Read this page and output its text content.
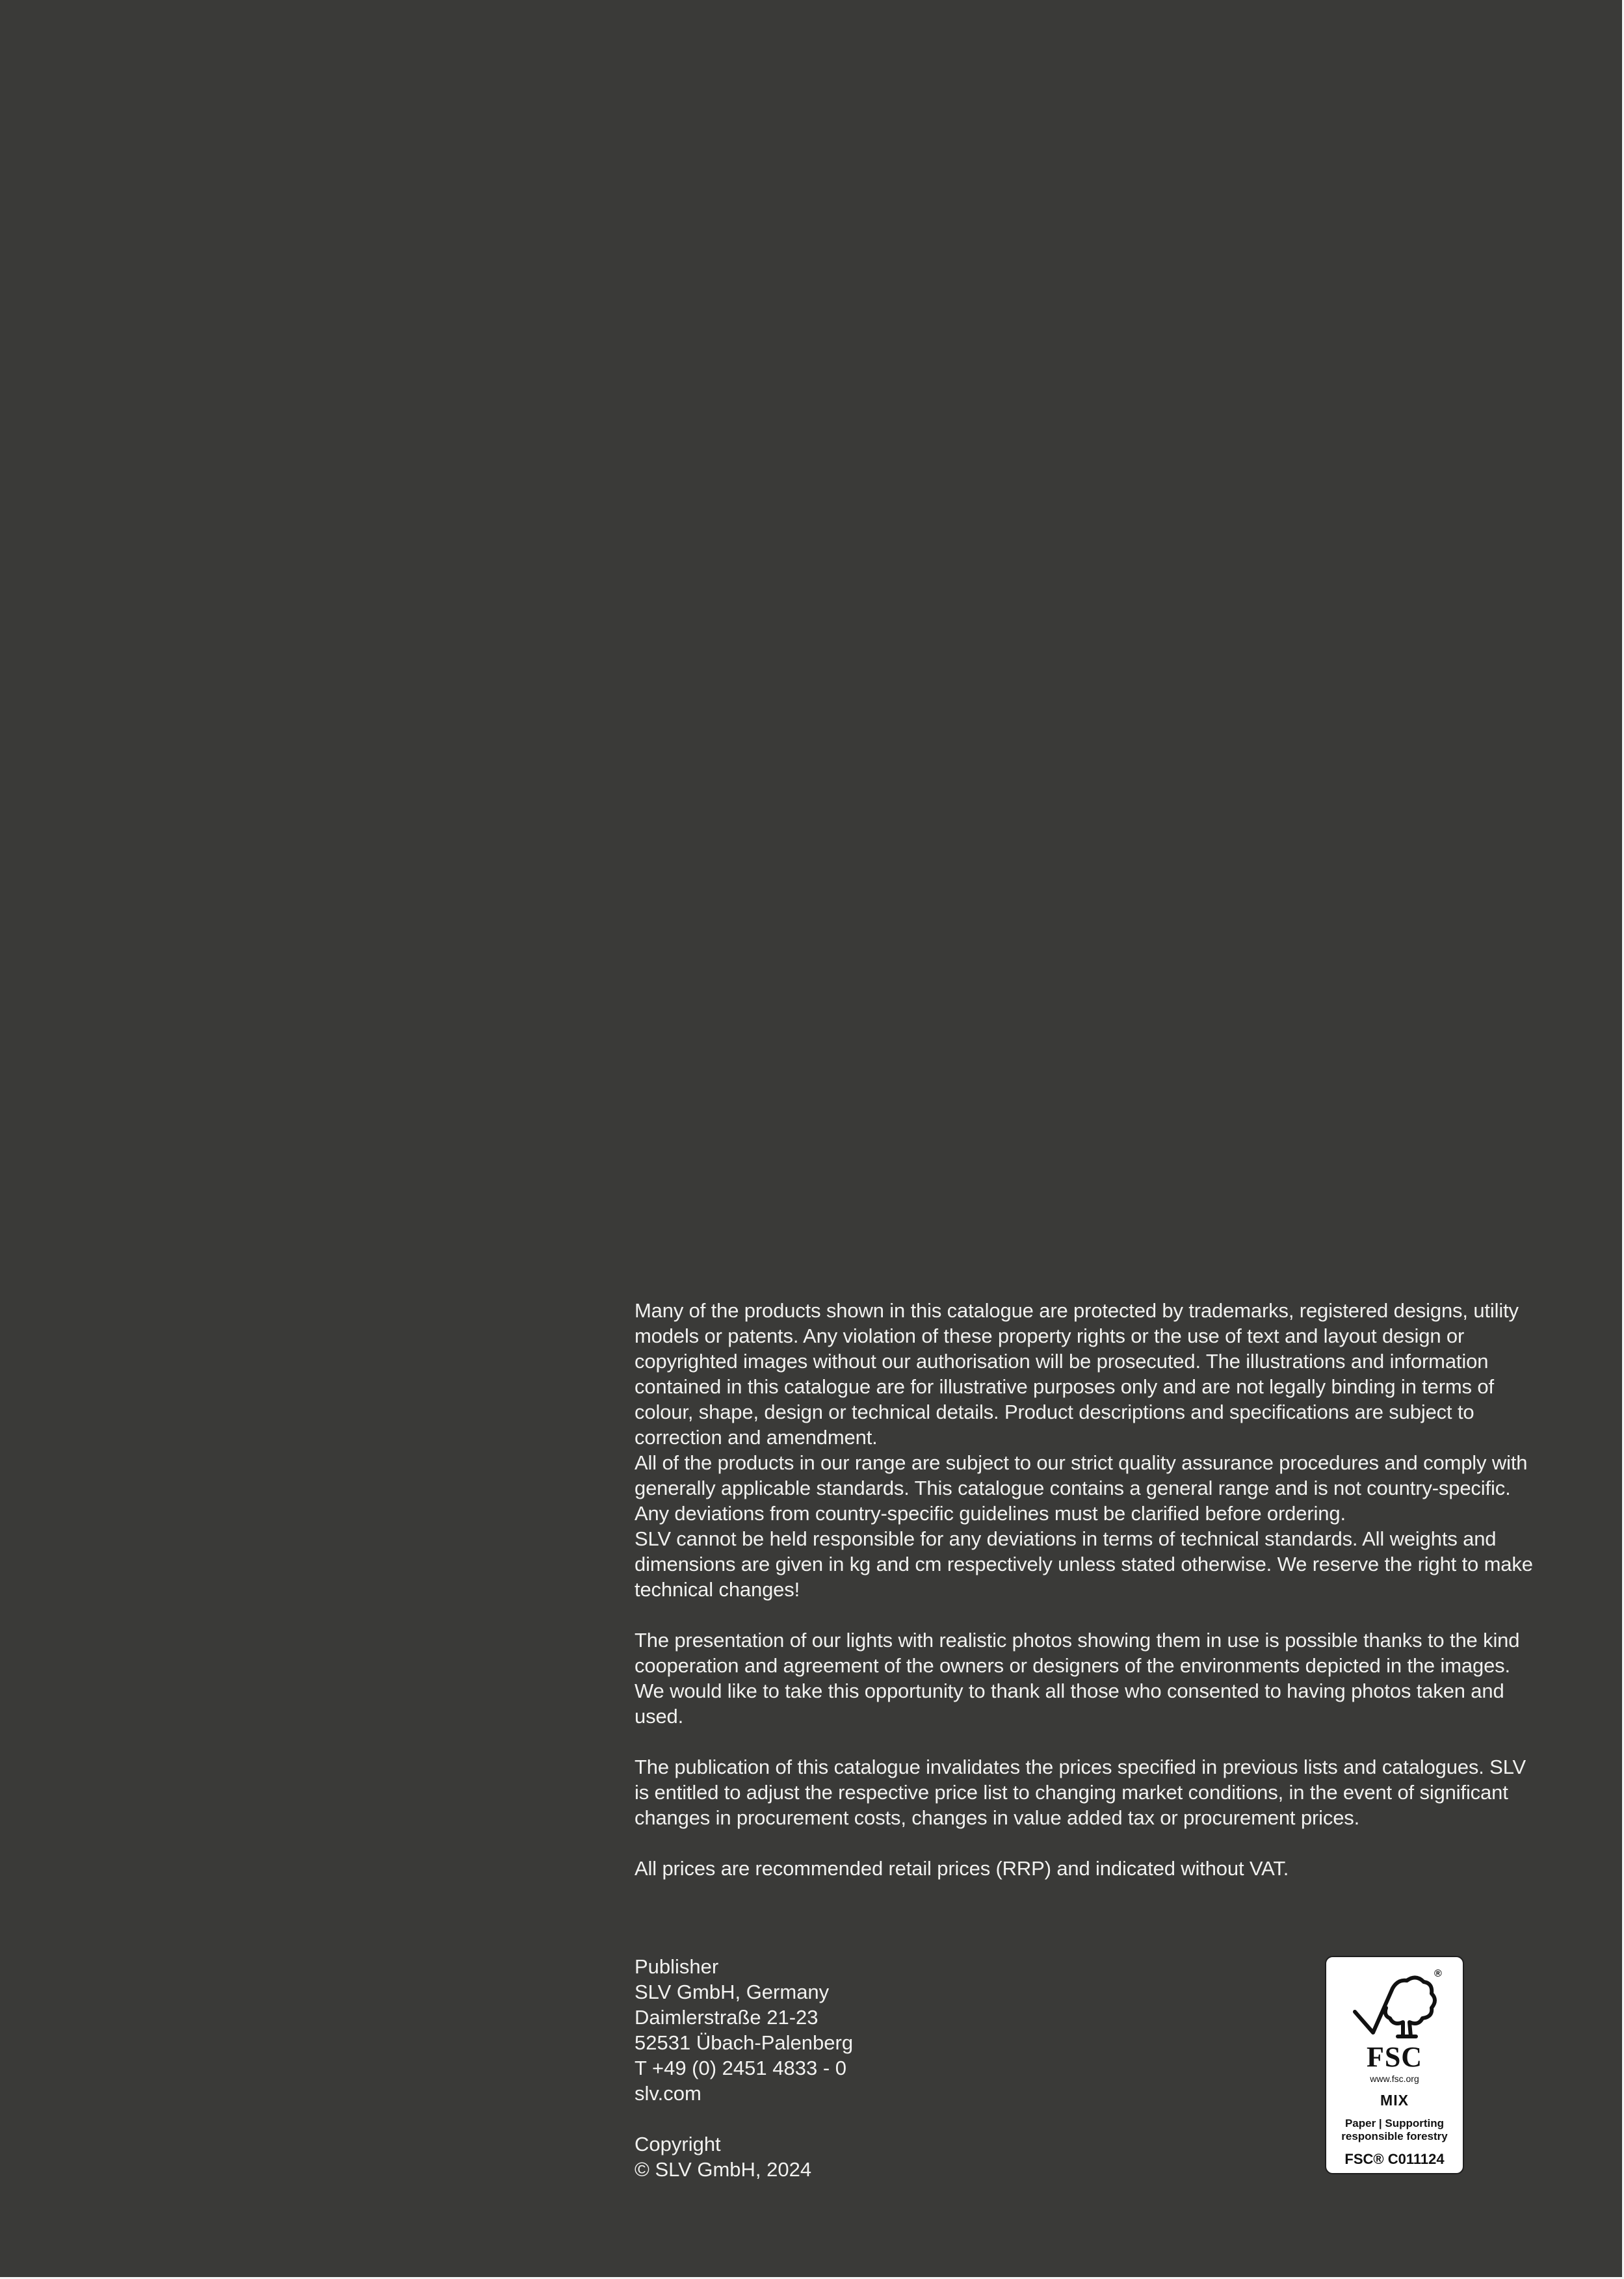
Many of the products shown in this catalogue are protected by trademarks, registered designs, utility models or patents. Any violation of these property rights or the use of text and layout design or copyrighted images without our authorisation will be prosecuted. The illustrations and information contained in this catalogue are for illustrative purposes only and are not legally binding in terms of colour, shape, design or technical details. Product descriptions and specifications are subject to correction and amendment.

All of the products in our range are subject to our strict quality assurance procedures and comply with generally applicable standards. This catalogue contains a general range and is not country-specific. Any deviations from country-specific guidelines must be clarified before ordering.

SLV cannot be held responsible for any deviations in terms of technical standards. All weights and dimensions are given in kg and cm respectively unless stated otherwise. We reserve the right to make technical changes!

The presentation of our lights with realistic photos showing them in use is possible thanks to the kind cooperation and agreement of the owners or designers of the environments depicted in the images. We would like to take this opportunity to thank all those who consented to having photos taken and used.

The publication of this catalogue invalidates the prices specified in previous lists and catalogues. SLV is entitled to adjust the respective price list to changing market conditions, in the event of significant changes in procurement costs, changes in value added tax or procurement prices.

All prices are recommended retail prices (RRP) and indicated without VAT.

Publisher
SLV GmbH, Germany
Daimlerstraße 21-23
52531 Übach-Palenberg
T +49 (0) 2451 4833 - 0
slv.com
Copyright
© SLV GmbH, 2024
®
FSC
www.fsc.org
MIX
Paper | Supporting
responsible forestry
FSC® C011124
